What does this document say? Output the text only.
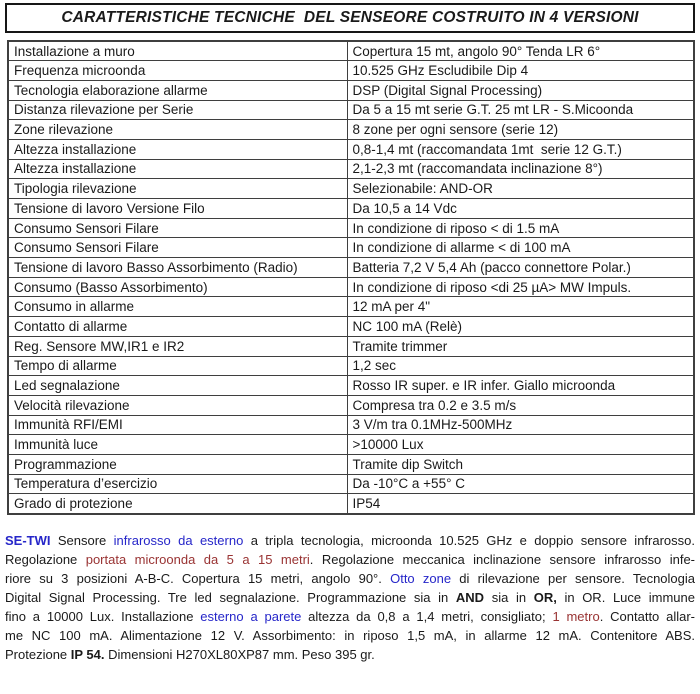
CARATTERISTICHE TECNICHE  DEL SENSEORE COSTRUITO IN 4 VERSIONI
Installazione a muro	Copertura 15 mt, angolo 90° Tenda LR 6°
Frequenza microonda	10.525 GHz Escludibile Dip 4
Tecnologia elaborazione allarme	DSP (Digital Signal Processing)
Distanza rilevazione per Serie	Da 5 a 15 mt serie G.T. 25 mt LR - S.Micoonda
Zone rilevazione	8 zone per ogni sensore (serie 12)
Altezza installazione	0,8-1,4 mt (raccomandata 1mt  serie 12 G.T.)
Altezza installazione	2,1-2,3 mt (raccomandata inclinazione 8°)
Tipologia rilevazione	Selezionabile: AND-OR
Tensione di lavoro Versione Filo	Da 10,5 a 14 Vdc
Consumo Sensori Filare	In condizione di riposo < di 1.5 mA
Consumo Sensori Filare	In condizione di allarme < di 100 mA
Tensione di lavoro Basso Assorbimento (Radio)	Batteria 7,2 V 5,4 Ah (pacco connettore Polar.)
Consumo (Basso Assorbimento)	In condizione di riposo <di 25 µA> MW Impuls.
Consumo in allarme	12 mA per 4"
Contatto di allarme	NC 100 mA (Relè)
Reg. Sensore MW,IR1 e IR2	Tramite trimmer
Tempo di allarme	1,2 sec
Led segnalazione	Rosso IR super. e IR infer. Giallo microonda
Velocità rilevazione	Compresa tra 0.2 e 3.5 m/s
Immunità RFI/EMI	3 V/m tra 0.1MHz-500MHz
Immunità luce	>10000 Lux
Programmazione	Tramite dip Switch
Temperatura d’esercizio	Da -10°C a +55° C
Grado di protezione	IP54
SE-TWI Sensore infrarosso da esterno a tripla tecnologia, microonda 10.525 GHz e doppio sensore infrarosso.
Regolazione portata microonda da 5 a 15 metri. Regolazione meccanica inclinazione sensore infrarosso infe-
riore su 3 posizioni A-B-C. Copertura 15 metri, angolo 90°. Otto zone di rilevazione per sensore. Tecnologia
Digital Signal Processing. Tre led segnalazione. Programmazione sia in AND sia in OR, in OR. Luce immune
fino a 10000 Lux. Installazione esterno a parete altezza da 0,8 a 1,4 metri, consigliato; 1 metro. Contatto allar-
me NC 100 mA. Alimentazione 12 V. Assorbimento: in riposo 1,5 mA, in allarme 12 mA. Contenitore ABS.
Protezione IP 54. Dimensioni H270XL80XP87 mm. Peso 395 gr.
